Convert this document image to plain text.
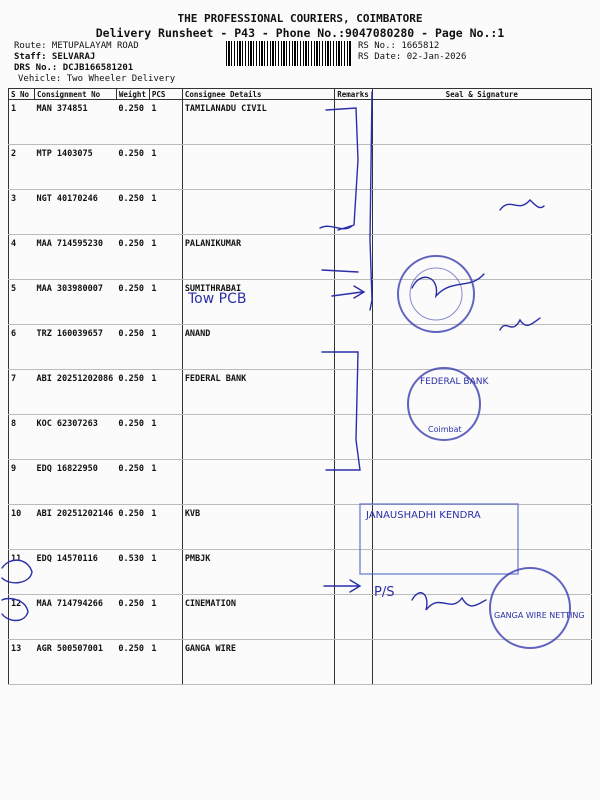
THE PROFESSIONAL COURIERS, COIMBATORE
Delivery Runsheet - P43 - Phone No.:9047080280 - Page No.:1
Route: METUPALAYAM ROAD
Staff: SELVARAJ
DRS No.: DCJB166581201
Vehicle: Two Wheeler Delivery
RS No.: 1665812
RS Date: 02-Jan-2026
S No	Consignment No	Weight	PCS	Consignee Details	Remarks	Seal & Signature
1	MAN 374851	0.250	1	TAMILANADU CIVIL		
2	MTP 1403075	0.250	1			
3	NGT 40170246	0.250	1			
4	MAA 714595230	0.250	1	PALANIKUMAR		
5	MAA 303980007	0.250	1	SUMITHRABAI		
6	TRZ 160039657	0.250	1	ANAND		
7	ABI 20251202086	0.250	1	FEDERAL BANK		
8	KOC 62307263	0.250	1			
9	EDQ 16822950	0.250	1			
10	ABI 20251202146	0.250	1	KVB		
11	EDQ 14570116	0.530	1	PMBJK		
12	MAA 714794266	0.250	1	CINEMATION		
13	AGR 500507001	0.250	1	GANGA WIRE		
Tow PCB
P/S
FEDERAL BANK
Coimbat
JANAUSHADHI KENDRA
GANGA WIRE NETTING
